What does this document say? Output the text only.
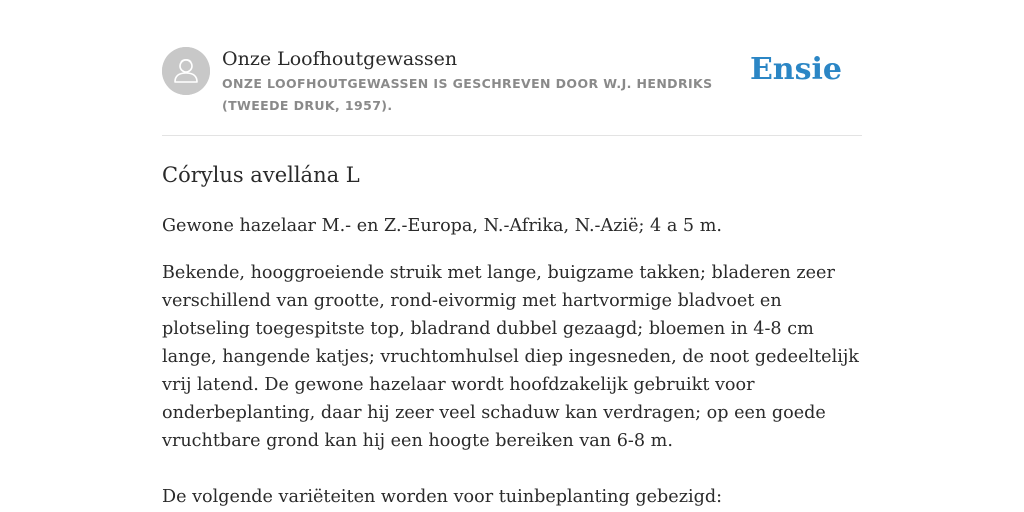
Onze Loofhoutgewassen
ONZE LOOFHOUTGEWASSEN IS GESCHREVEN DOOR W.J. HENDRIKS (TWEEDE DRUK, 1957).
Ensie
Córylus avellána L

Gewone hazelaar M.- en Z.-Europa, N.-Afrika, N.-Azië; 4 a 5 m.

Bekende, hooggroeiende struik met lange, buigzame takken; bladeren zeer verschillend van grootte, rond-eivormig met hartvormige bladvoet en plotseling toegespitste top, bladrand dubbel gezaagd; bloemen in 4-8 cm lange, hangende katjes; vruchtomhulsel diep ingesneden, de noot gedeeltelijk vrij latend. De gewone hazelaar wordt hoofdzakelijk gebruikt voor onderbeplanting, daar hij zeer veel schaduw kan verdragen; op een goede vruchtbare grond kan hij een hoogte bereiken van 6-8 m.

De volgende variëteiten worden voor tuinbeplanting gebezigd:
